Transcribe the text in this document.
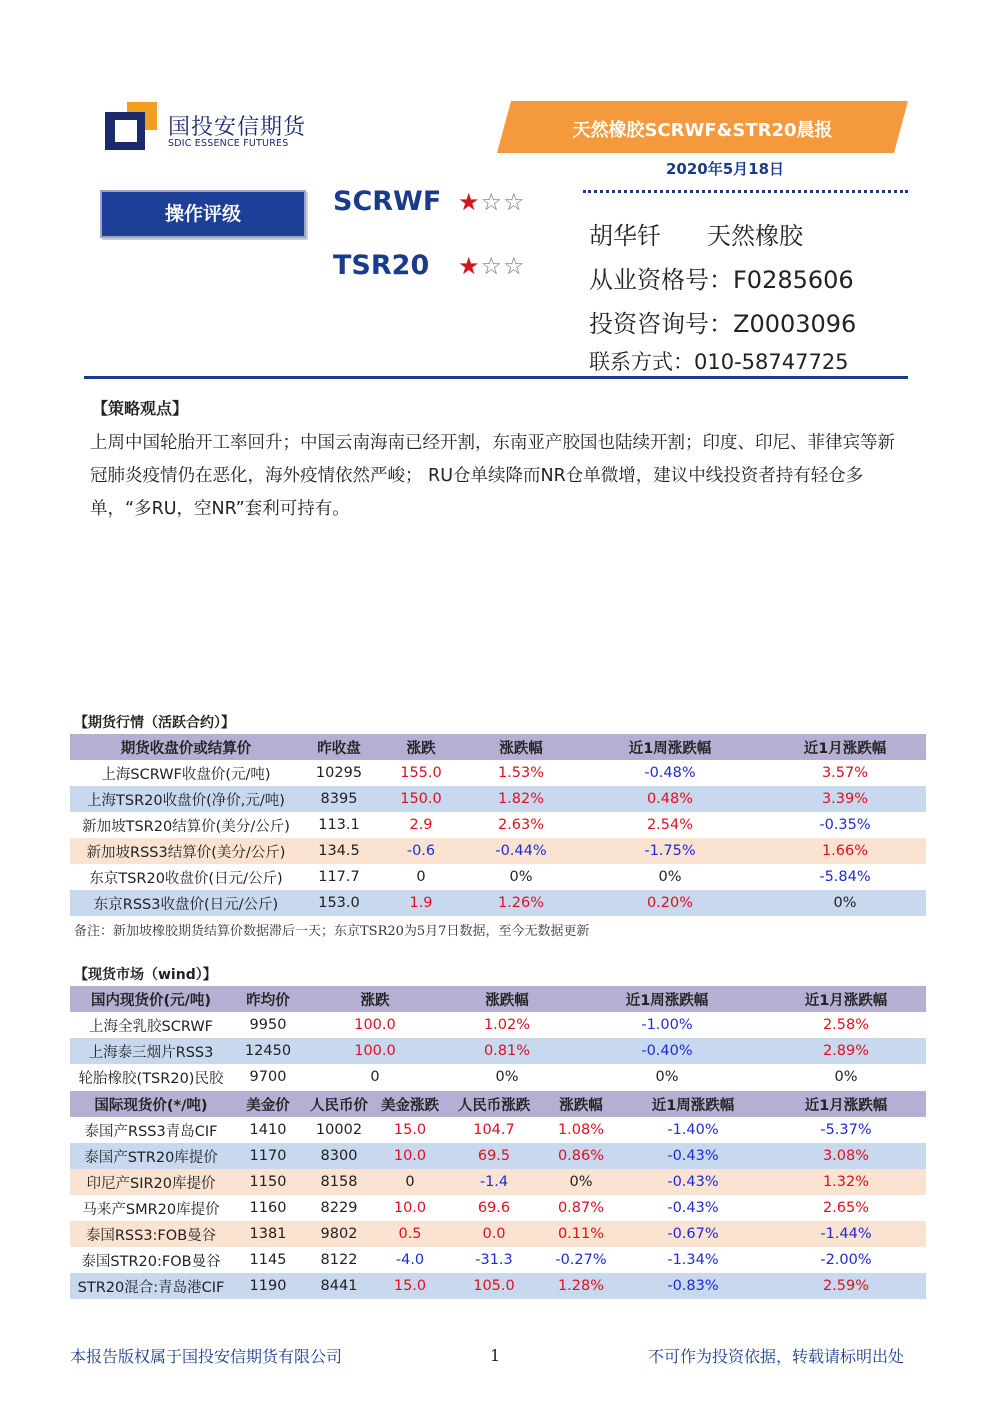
国投安信期货
SDIC ESSENCE FUTURES
天然橡胶SCRWF&STR20晨报
2020年5月18日
操作评级	SCRWF ★☆☆
TSR20 ★☆☆
胡华钎 天然橡胶
从业资格号：F0285606
投资咨询号：Z0003096
联系方式：010-58747725
【策略观点】
上周中国轮胎开工率回升；中国云南海南已经开割，东南亚产胶国也陆续开割；印度、印尼、菲律宾等新冠肺炎疫情仍在恶化，海外疫情依然严峻； RU仓单续降而NR仓单微增，建议中线投资者持有轻仓多单，“多RU，空NR”套利可持有。
【期货行情（活跃合约）】
期货收盘价或结算价	昨收盘	涨跌	涨跌幅	近1周涨跌幅	近1月涨跌幅
上海SCRWF收盘价(元/吨)	10295	155.0	1.53%	-0.48%	3.57%
上海TSR20收盘价(净价,元/吨)	8395	150.0	1.82%	0.48%	3.39%
新加坡TSR20结算价(美分/公斤)	113.1	2.9	2.63%	2.54%	-0.35%
新加坡RSS3结算价(美分/公斤)	134.5	-0.6	-0.44%	-1.75%	1.66%
东京TSR20收盘价(日元/公斤)	117.7	0	0%	0%	-5.84%
东京RSS3收盘价(日元/公斤)	153.0	1.9	1.26%	0.20%	0%
备注：新加坡橡胶期货结算价数据滞后一天；东京TSR20为5月7日数据，至今无数据更新
【现货市场（wind）】
国内现货价(元/吨)	昨均价	涨跌	涨跌幅	近1周涨跌幅	近1月涨跌幅
上海全乳胶SCRWF	9950	100.0	1.02%	-1.00%	2.58%
上海泰三烟片RSS3	12450	100.0	0.81%	-0.40%	2.89%
轮胎橡胶(TSR20)民胶	9700	0	0%	0%	0%
国际现货价(*/吨)	美金价	人民币价	美金涨跌	人民币涨跌	涨跌幅	近1周涨跌幅	近1月涨跌幅
泰国产RSS3青岛CIF	1410	10002	15.0	104.7	1.08%	-1.40%	-5.37%
泰国产STR20库提价	1170	8300	10.0	69.5	0.86%	-0.43%	3.08%
印尼产SIR20库提价	1150	8158	0	-1.4	0%	-0.43%	1.32%
马来产SMR20库提价	1160	8229	10.0	69.6	0.87%	-0.43%	2.65%
泰国RSS3:FOB曼谷	1381	9802	0.5	0.0	0.11%	-0.67%	-1.44%
泰国STR20:FOB曼谷	1145	8122	-4.0	-31.3	-0.27%	-1.34%	-2.00%
STR20混合:青岛港CIF	1190	8441	15.0	105.0	1.28%	-0.83%	2.59%
本报告版权属于国投安信期货有限公司	1	不可作为投资依据，转载请标明出处
